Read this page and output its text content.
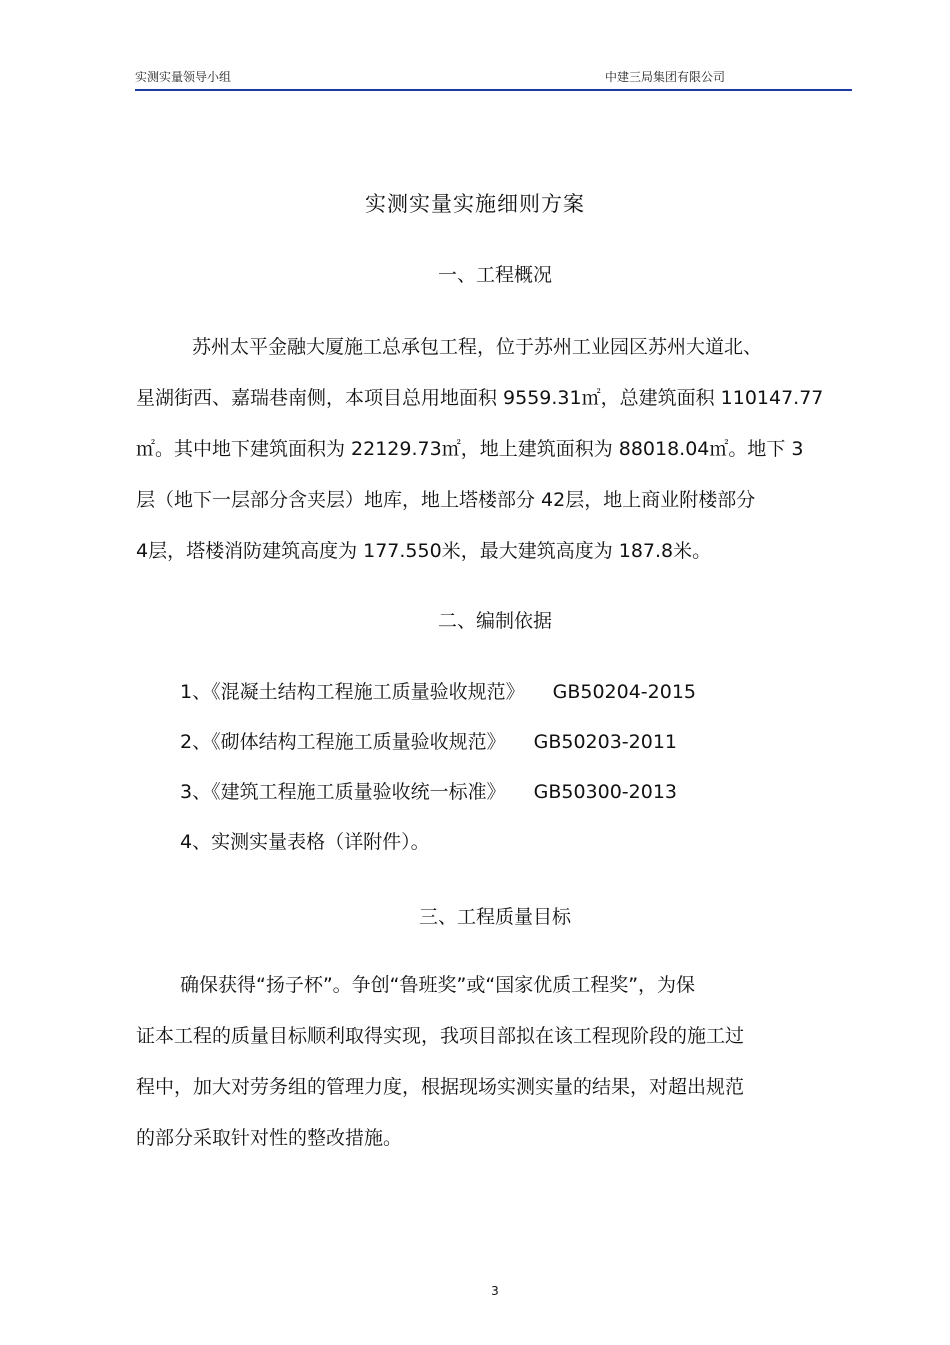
实测实量领导小组	中建三局集团有限公司
实测实量实施细则方案
一、工程概况

苏州太平金融大厦施工总承包工程，位于苏州工业园区苏州大道北、
星湖街西、嘉瑞巷南侧，本项目总用地面积 9559.31㎡，总建筑面积 110147.77
㎡。其中地下建筑面积为 22129.73㎡，地上建筑面积为 88018.04㎡。地下 3
层（地下一层部分含夹层）地库，地上塔楼部分 42层，地上商业附楼部分
4层，塔楼消防建筑高度为 177.550米，最大建筑高度为 187.8米。

二、编制依据
1、《混凝土结构工程施工质量验收规范》 GB50204-2015
2、《砌体结构工程施工质量验收规范》 GB50203-2011
3、《建筑工程施工质量验收统一标准》 GB50300-2013
4、实测实量表格（详附件）。
三、工程质量目标

确保获得“扬子杯”。争创“鲁班奖”或“国家优质工程奖”，为保
证本工程的质量目标顺利取得实现，我项目部拟在该工程现阶段的施工过
程中，加大对劳务组的管理力度，根据现场实测实量的结果，对超出规范
的部分采取针对性的整改措施。

3
